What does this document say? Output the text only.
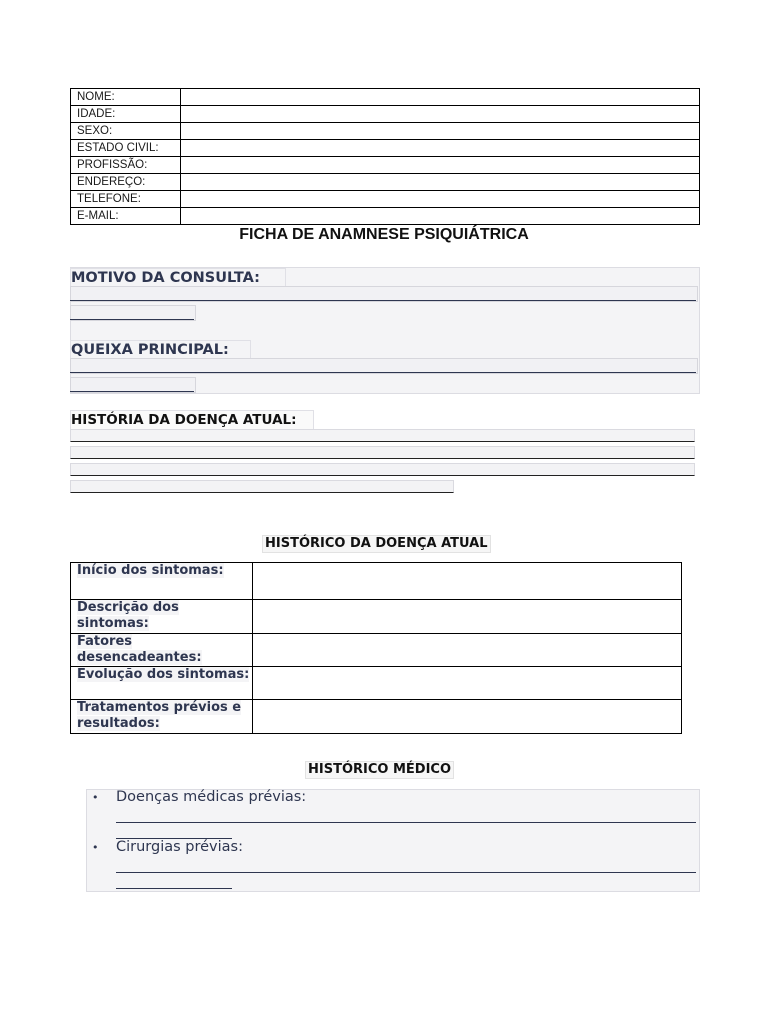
NOME:	
IDADE:	
SEXO:	
ESTADO CIVIL:	
PROFISSÃO:	
ENDEREÇO:	
TELEFONE:	
E-MAIL:	
FICHA DE ANAMNESE PSIQUIÁTRICA
MOTIVO DA CONSULTA:
QUEIXA PRINCIPAL:
HISTÓRIA DA DOENÇA ATUAL:
HISTÓRICO DA DOENÇA ATUAL
Início dos sintomas:	
Descrição dos sintomas:	
Fatores desencadeantes:	
Evolução dos sintomas:	
Tratamentos prévios e resultados:	
HISTÓRICO MÉDICO
• Doenças médicas prévias:
• Cirurgias prévias:
